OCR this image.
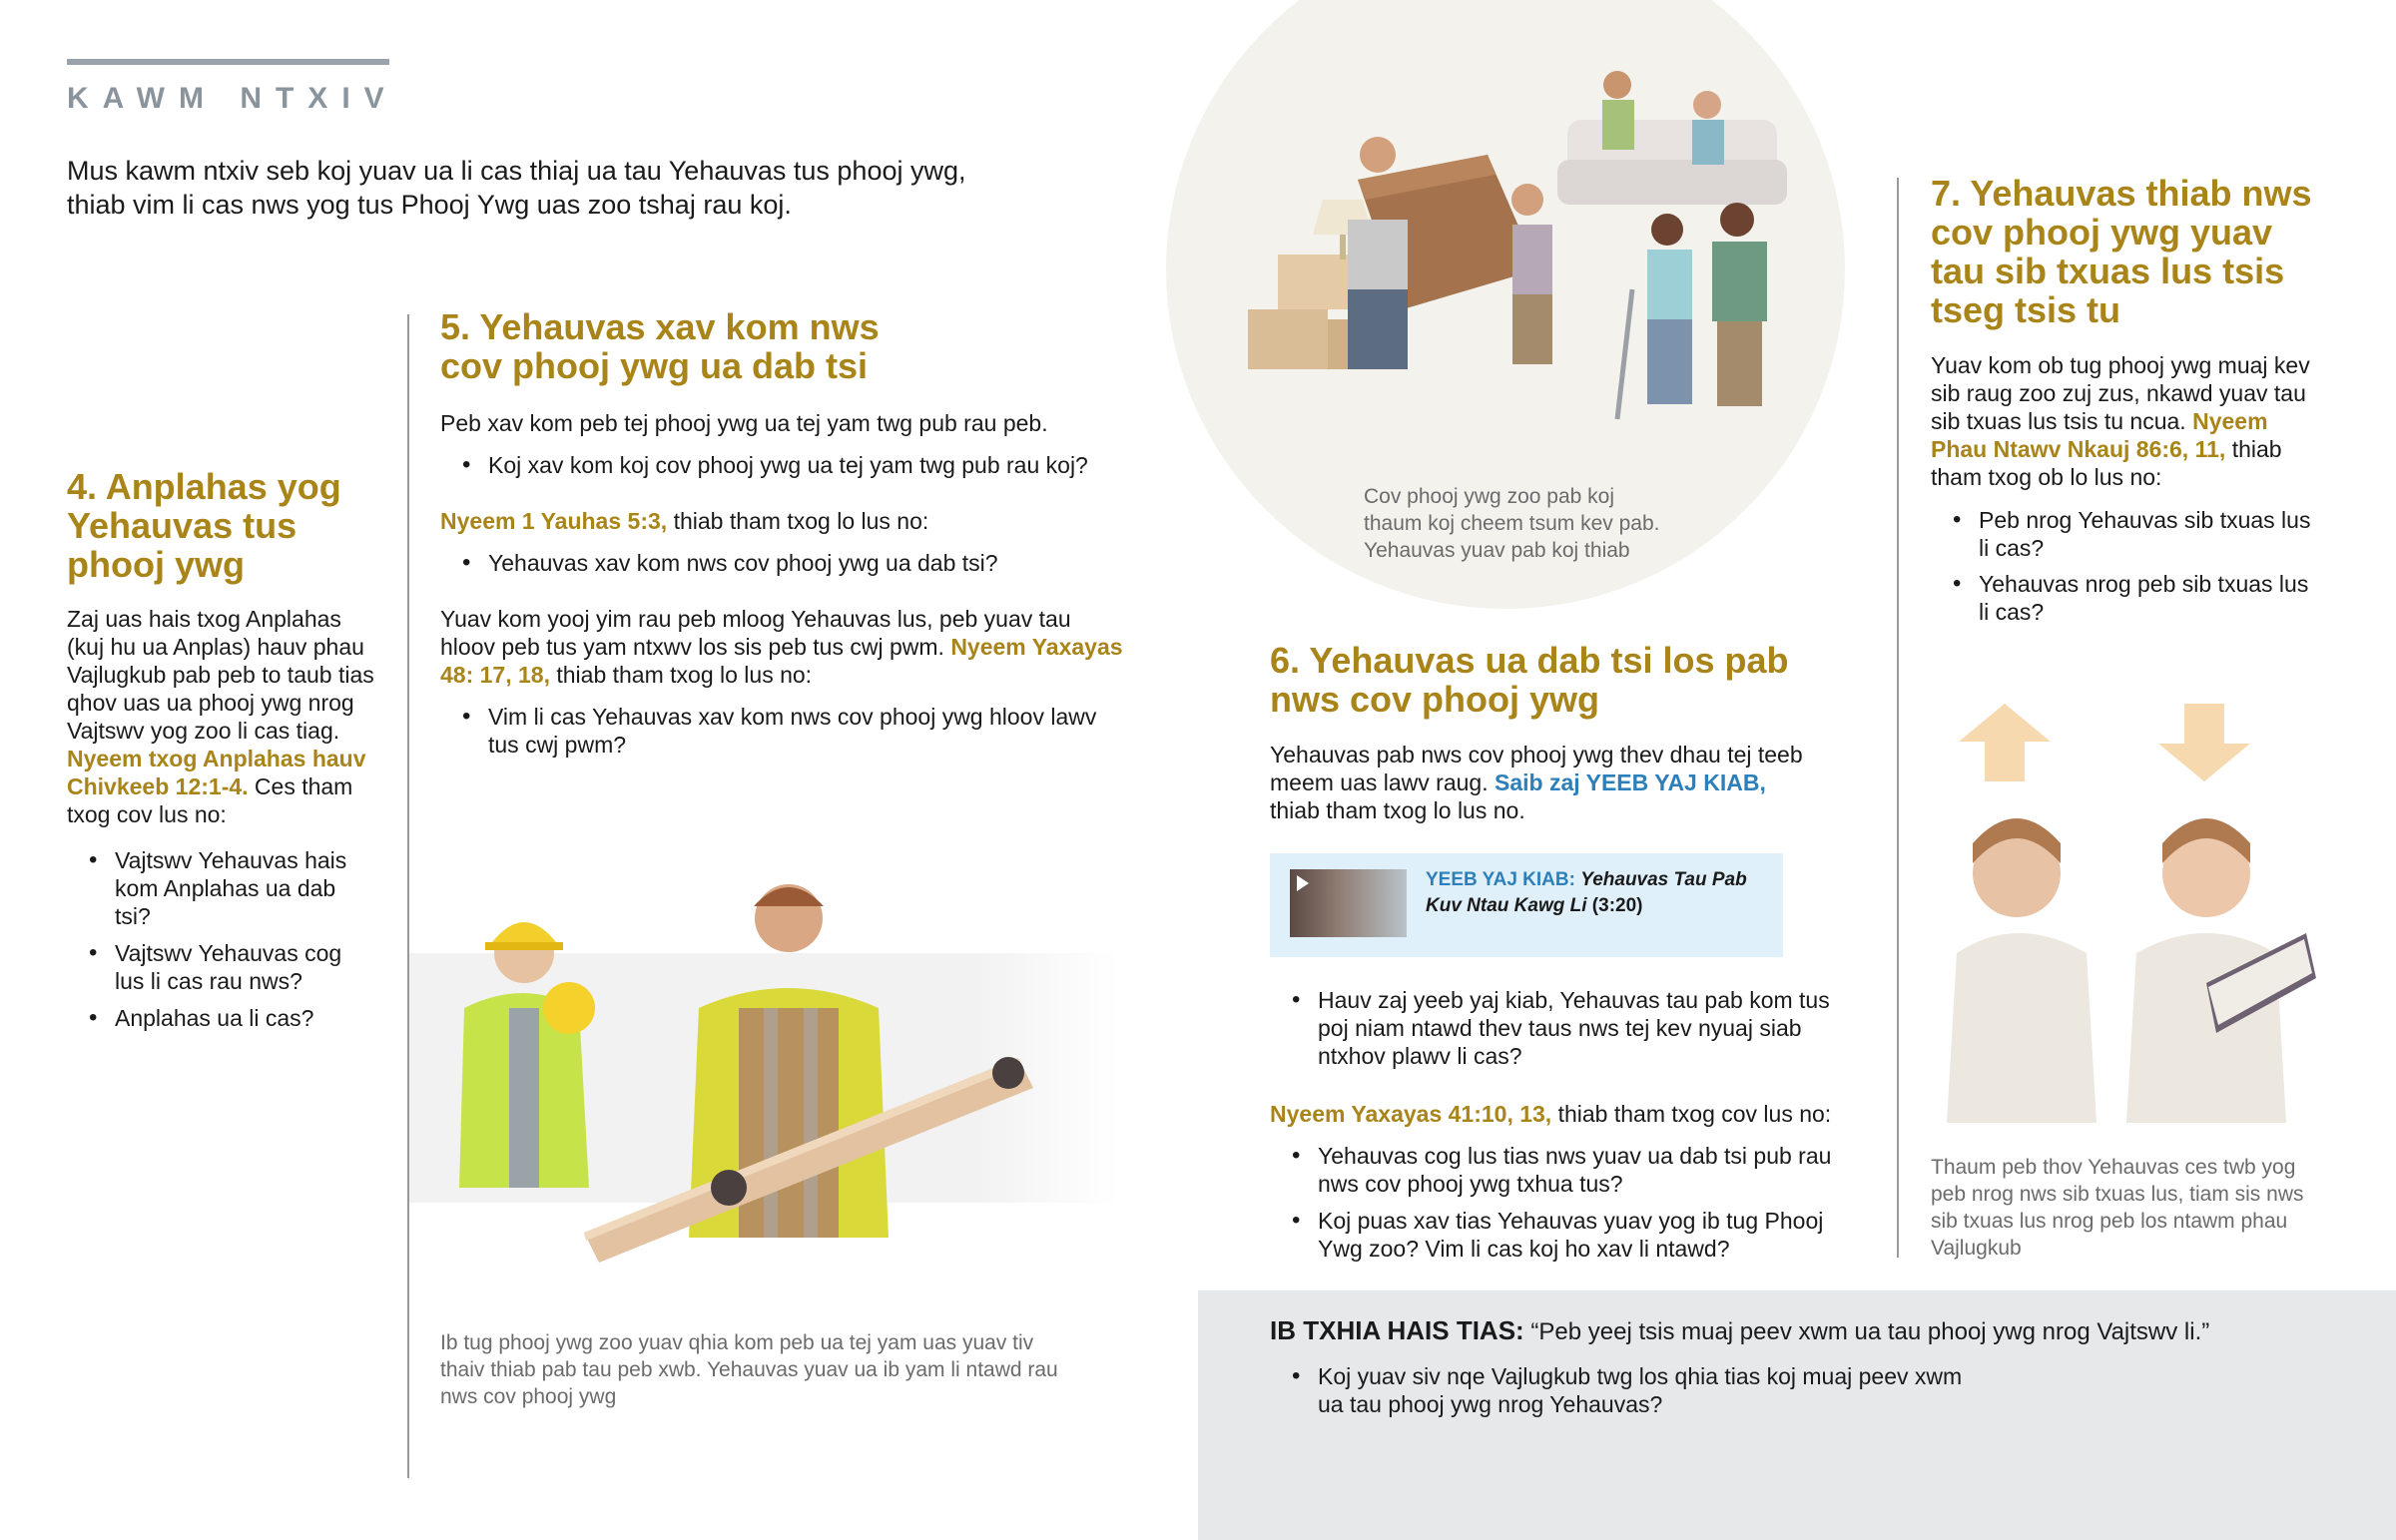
KAWM NTXIV

Mus kawm ntxiv seb koj yuav ua li cas thiaj ua tau Yehauvas tus phooj ywg, thiab vim li cas nws yog tus Phooj Ywg uas zoo tshaj rau koj.

4. Anplahas yog Yehauvas tus phooj ywg

Zaj uas hais txog Anplahas (kuj hu ua Anplas) hauv phau Vajlugkub pab peb to taub tias qhov uas ua phooj ywg nrog Vajtswv yog zoo li cas tiag. Nyeem txog Anplahas hauv Chivkeeb 12:1-4. Ces tham txog cov lus no:

• Vajtswv Yehauvas hais kom Anplahas ua dab tsi?
• Vajtswv Yehauvas cog lus li cas rau nws?
• Anplahas ua li cas?
5. Yehauvas xav kom nws cov phooj ywg ua dab tsi

Peb xav kom peb tej phooj ywg ua tej yam twg pub rau peb.

• Koj xav kom koj cov phooj ywg ua tej yam twg pub rau koj?

Nyeem 1 Yauhas 5:3, thiab tham txog lo lus no:

• Yehauvas xav kom nws cov phooj ywg ua dab tsi?

Yuav kom yooj yim rau peb mloog Yehauvas lus, peb yuav tau hloov peb tus yam ntxwv los sis peb tus cwj pwm. Nyeem Yaxayas 48: 17, 18, thiab tham txog lo lus no:

• Vim li cas Yehauvas xav kom nws cov phooj ywg hloov lawv tus cwj pwm?

Ib tug phooj ywg zoo yuav qhia kom peb ua tej yam uas yuav tiv thaiv thiab pab tau peb xwb. Yehauvas yuav ua ib yam li ntawd rau nws cov phooj ywg

Cov phooj ywg zoo pab koj thaum koj cheem tsum kev pab. Yehauvas yuav pab koj thiab

6. Yehauvas ua dab tsi los pab nws cov phooj ywg

Yehauvas pab nws cov phooj ywg thev dhau tej teeb meem uas lawv raug. Saib zaj YEEB YAJ KIAB, thiab tham txog lo lus no.

YEEB YAJ KIAB: Yehauvas Tau Pab Kuv Ntau Kawg Li (3:20)
• Hauv zaj yeeb yaj kiab, Yehauvas tau pab kom tus poj niam ntawd thev taus nws tej kev nyuaj siab ntxhov plawv li cas?

Nyeem Yaxayas 41:10, 13, thiab tham txog cov lus no:

• Yehauvas cog lus tias nws yuav ua dab tsi pub rau nws cov phooj ywg txhua tus?
• Koj puas xav tias Yehauvas yuav yog ib tug Phooj Ywg zoo? Vim li cas koj ho xav li ntawd?
7. Yehauvas thiab nws cov phooj ywg yuav tau sib txuas lus tsis tseg tsis tu

Yuav kom ob tug phooj ywg muaj kev sib raug zoo zuj zus, nkawd yuav tau sib txuas lus tsis tu ncua. Nyeem Phau Ntawv Nkauj 86:6, 11, thiab tham txog ob lo lus no:

• Peb nrog Yehauvas sib txuas lus li cas?
• Yehauvas nrog peb sib txuas lus li cas?

Thaum peb thov Yehauvas ces twb yog peb nrog nws sib txuas lus, tiam sis nws sib txuas lus nrog peb los ntawm phau Vajlugkub

IB TXHIA HAIS TIAS: “Peb yeej tsis muaj peev xwm ua tau phooj ywg nrog Vajtswv li.”

• Koj yuav siv nqe Vajlugkub twg los qhia tias koj muaj peev xwm ua tau phooj ywg nrog Yehauvas?
